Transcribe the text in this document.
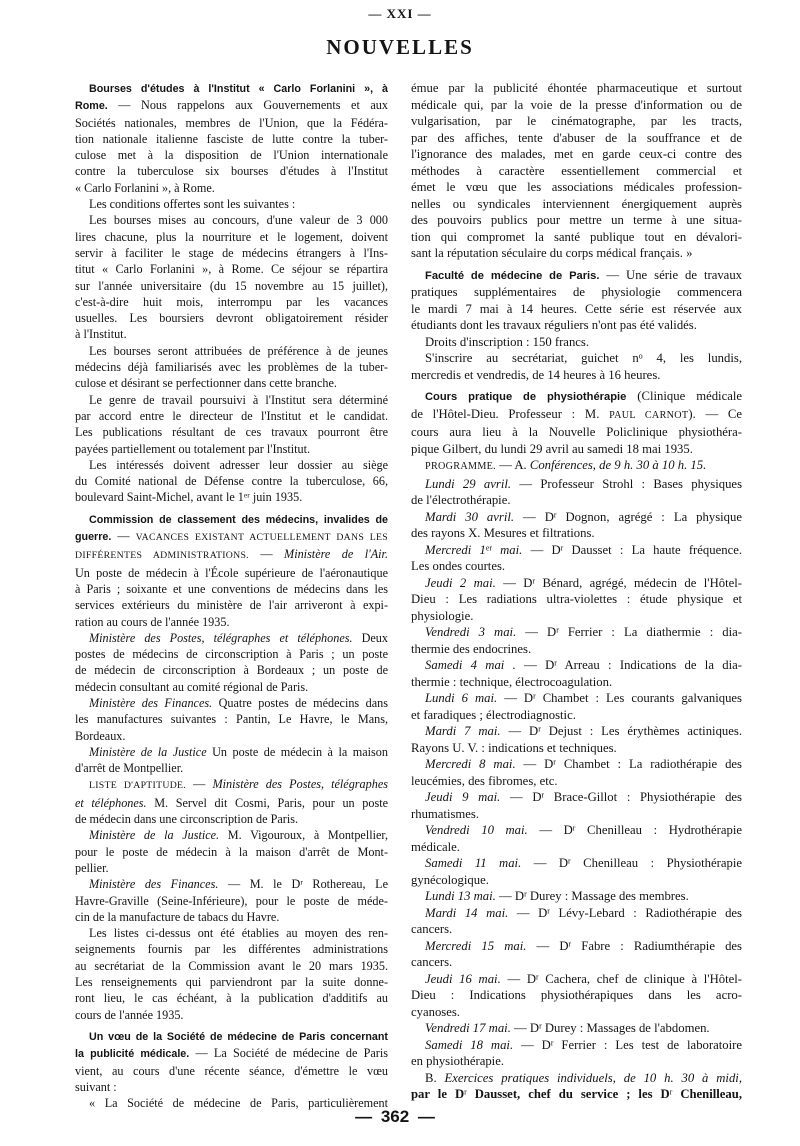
— XXI —
NOUVELLES
Bourses d'études à l'Institut « Carlo Forlanini », à
Rome. — Nous rappelons aux Gouvernements et aux
Sociétés nationales, membres de l'Union, que la Fédéra-
tion nationale italienne fasciste de lutte contre la tuber-
culose met à la disposition de l'Union internationale
contre la tuberculose six bourses d'études à l'Institut
« Carlo Forlanini », à Rome.
Les conditions offertes sont les suivantes :
Les bourses mises au concours, d'une valeur de 3 000
lires chacune, plus la nourriture et le logement, doivent
servir à faciliter le stage de médecins étrangers à l'Ins-
titut « Carlo Forlanini », à Rome. Ce séjour se répartira
sur l'année universitaire (du 15 novembre au 15 juillet),
c'est-à-dire huit mois, interrompu par les vacances
usuelles. Les boursiers devront obligatoirement résider
à l'Institut.
Les bourses seront attribuées de préférence à de jeunes
médecins déjà familiarisés avec les problèmes de la tuber-
culose et désirant se perfectionner dans cette branche.
Le genre de travail poursuivi à l'Institut sera déterminé
par accord entre le directeur de l'Institut et le candidat.
Les publications résultant de ces travaux pourront être
payées partiellement ou totalement par l'Institut.
Les intéressés doivent adresser leur dossier au siège
du Comité national de Défense contre la tuberculose, 66,
boulevard Saint-Michel, avant le 1er juin 1935.
Commission de classement des médecins, invalides de
guerre. — VACANCES EXISTANT ACTUELLEMENT DANS LES
DIFFÉRENTES ADMINISTRATIONS. — Ministère de l'Air.
Un poste de médecin à l'École supérieure de l'aéronautique
à Paris ; soixante et une conventions de médecins dans les
services extérieurs du ministère de l'air arriveront à expi-
ration au cours de l'année 1935.
Ministère des Postes, télégraphes et téléphones. Deux
postes de médecins de circonscription à Paris ; un poste
de médecin de circonscription à Bordeaux ; un poste de
médecin consultant au comité régional de Paris.
Ministère des Finances. Quatre postes de médecins dans
les manufactures suivantes : Pantin, Le Havre, le Mans,
Bordeaux.
Ministère de la Justice Un poste de médecin à la maison
d'arrêt de Montpellier.
LISTE D'APTITUDE. — Ministère des Postes, télégraphes
et téléphones. M. Servel dit Cosmi, Paris, pour un poste
de médecin dans une circonscription de Paris.
Ministère de la Justice. M. Vigouroux, à Montpellier,
pour le poste de médecin à la maison d'arrêt de Mont-
pellier.
Ministère des Finances. — M. le $D^r$ Rothereau, Le
Havre-Graville (Seine-Inférieure), pour le poste de méde-
cin de la manufacture de tabacs du Havre.
Les listes ci-dessus ont été établies au moyen des ren-
seignements fournis par les différentes administrations
au secrétariat de la Commission avant le 20 mars 1935.
Les renseignements qui parviendront par la suite donne-
ront lieu, le cas échéant, à la publication d'additifs au
cours de l'année 1935.
Un vœu de la Société de médecine de Paris concernant
la publicité médicale. — La Société de médecine de Paris
vient, au cours d'une récente séance, d'émettre le vœu
suivant :
« La Société de médecine de Paris, particulièrement
émue par la publicité éhontée pharmaceutique et surtout
médicale qui, par la voie de la presse d'information ou de
vulgarisation, par le cinématographe, par les tracts,
par des affiches, tente d'abuser de la souffrance et de
l'ignorance des malades, met en garde ceux-ci contre des
méthodes à caractère essentiellement commercial et
émet le vœu que les associations médicales profession-
nelles ou syndicales interviennent énergiquement auprès
des pouvoirs publics pour mettre un terme à une situa-
tion qui compromet la santé publique tout en dévalori-
sant la réputation séculaire du corps médical français. »
Faculté de médecine de Paris. — Une série de travaux
pratiques supplémentaires de physiologie commencera
le mardi 7 mai à 14 heures. Cette série est réservée aux
étudiants dont les travaux réguliers n'ont pas été validés.
Droits d'inscription : 150 francs.
S'inscrire au secrétariat, guichet $n^o$ 4, les lundis,
mercredis et vendredis, de 14 heures à 16 heures.
Cours pratique de physiothérapie (Clinique médicale
de l'Hôtel-Dieu. Professeur : M. PAUL CARNOT). — Ce
cours aura lieu à la Nouvelle Policlinique physiothéra-
pique Gilbert, du lundi 29 avril au samedi 18 mai 1935.
PROGRAMME. — A. Conférences, de 9 h. 30 à 10 h. 15.
Lundi 29 avril. — Professeur Strohl : Bases physiques
de l'électrothérapie.
Mardi 30 avril. — $D^r$ Dognon, agrégé : La physique
des rayons X. Mesures et filtrations.
Mercredi 1er mai. — $D^r$ Dausset : La haute fréquence.
Les ondes courtes.
Jeudi 2 mai. — $D^r$ Bénard, agrégé, médecin de l'Hôtel-
Dieu : Les radiations ultra-violettes : étude physique et
physiologie.
Vendredi 3 mai. — $D^r$ Ferrier : La diathermie : dia-
thermie des endocrines.
Samedi 4 mai . — $D^r$ Arreau : Indications de la dia-
thermie : technique, électrocoagulation.
Lundi 6 mai. — $D^r$ Chambet : Les courants galvaniques
et faradiques ; électrodiagnostic.
Mardi 7 mai. — $D^r$ Dejust : Les érythèmes actiniques.
Rayons U. V. : indications et techniques.
Mercredi 8 mai. — $D^r$ Chambet : La radiothérapie des
leucémies, des fibromes, etc.
Jeudi 9 mai. — $D^r$ Brace-Gillot : Physiothérapie des
rhumatismes.
Vendredi 10 mai. — $D^r$ Chenilleau : Hydrothérapie
médicale.
Samedi 11 mai. — $D^r$ Chenilleau : Physiothérapie
gynécologique.
Lundi 13 mai. — $D^r$ Durey : Massage des membres.
Mardi 14 mai. — $D^r$ Lévy-Lebard : Radiothérapie des
cancers.
Mercredi 15 mai. — $D^r$ Fabre : Radiumthérapie des
cancers.
Jeudi 16 mai. — $D^r$ Cachera, chef de clinique à l'Hôtel-
Dieu : Indications physiothérapiques dans les acro-
cyanoses.
Vendredi 17 mai. — $D^r$ Durey : Massages de l'abdomen.
Samedi 18 mai. — $D^r$ Ferrier : Les test de laboratoire
en physiothérapie.
B. Exercices pratiques individuels, de 10 h. 30 à midi,
par le $D^r$ Dausset, chef du service ; les $D^r$ Chenilleau,
— 362 —
